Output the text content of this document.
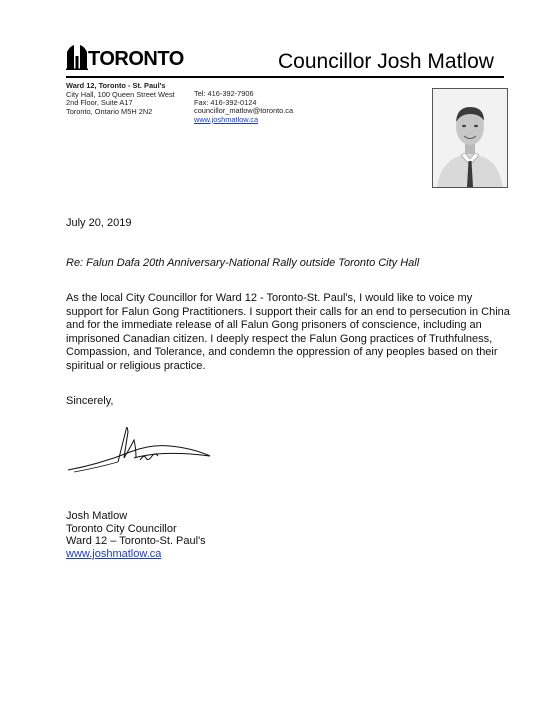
TORONTO	Councillor Josh Matlow
Ward 12, Toronto - St. Paul's
City Hall, 100 Queen Street West
2nd Floor, Suite A17
Toronto, Ontario M5H 2N2
Tel: 416-392-7906
Fax: 416-392-0124
councillor_matlow@toronto.ca
www.joshmatlow.ca
July 20, 2019
Re: Falun Dafa 20th Anniversary-National Rally outside Toronto City Hall
As the local City Councillor for Ward 12 - Toronto-St. Paul's, I would like to voice my support for Falun Gong Practitioners. I support their calls for an end to persecution in China and for the immediate release of all Falun Gong prisoners of conscience, including an imprisoned Canadian citizen. I deeply respect the Falun Gong practices of Truthfulness, Compassion, and Tolerance, and condemn the oppression of any peoples based on their spiritual or religious practice.
Sincerely,
Josh Matlow
Toronto City Councillor
Ward 12 – Toronto-St. Paul's
www.joshmatlow.ca
